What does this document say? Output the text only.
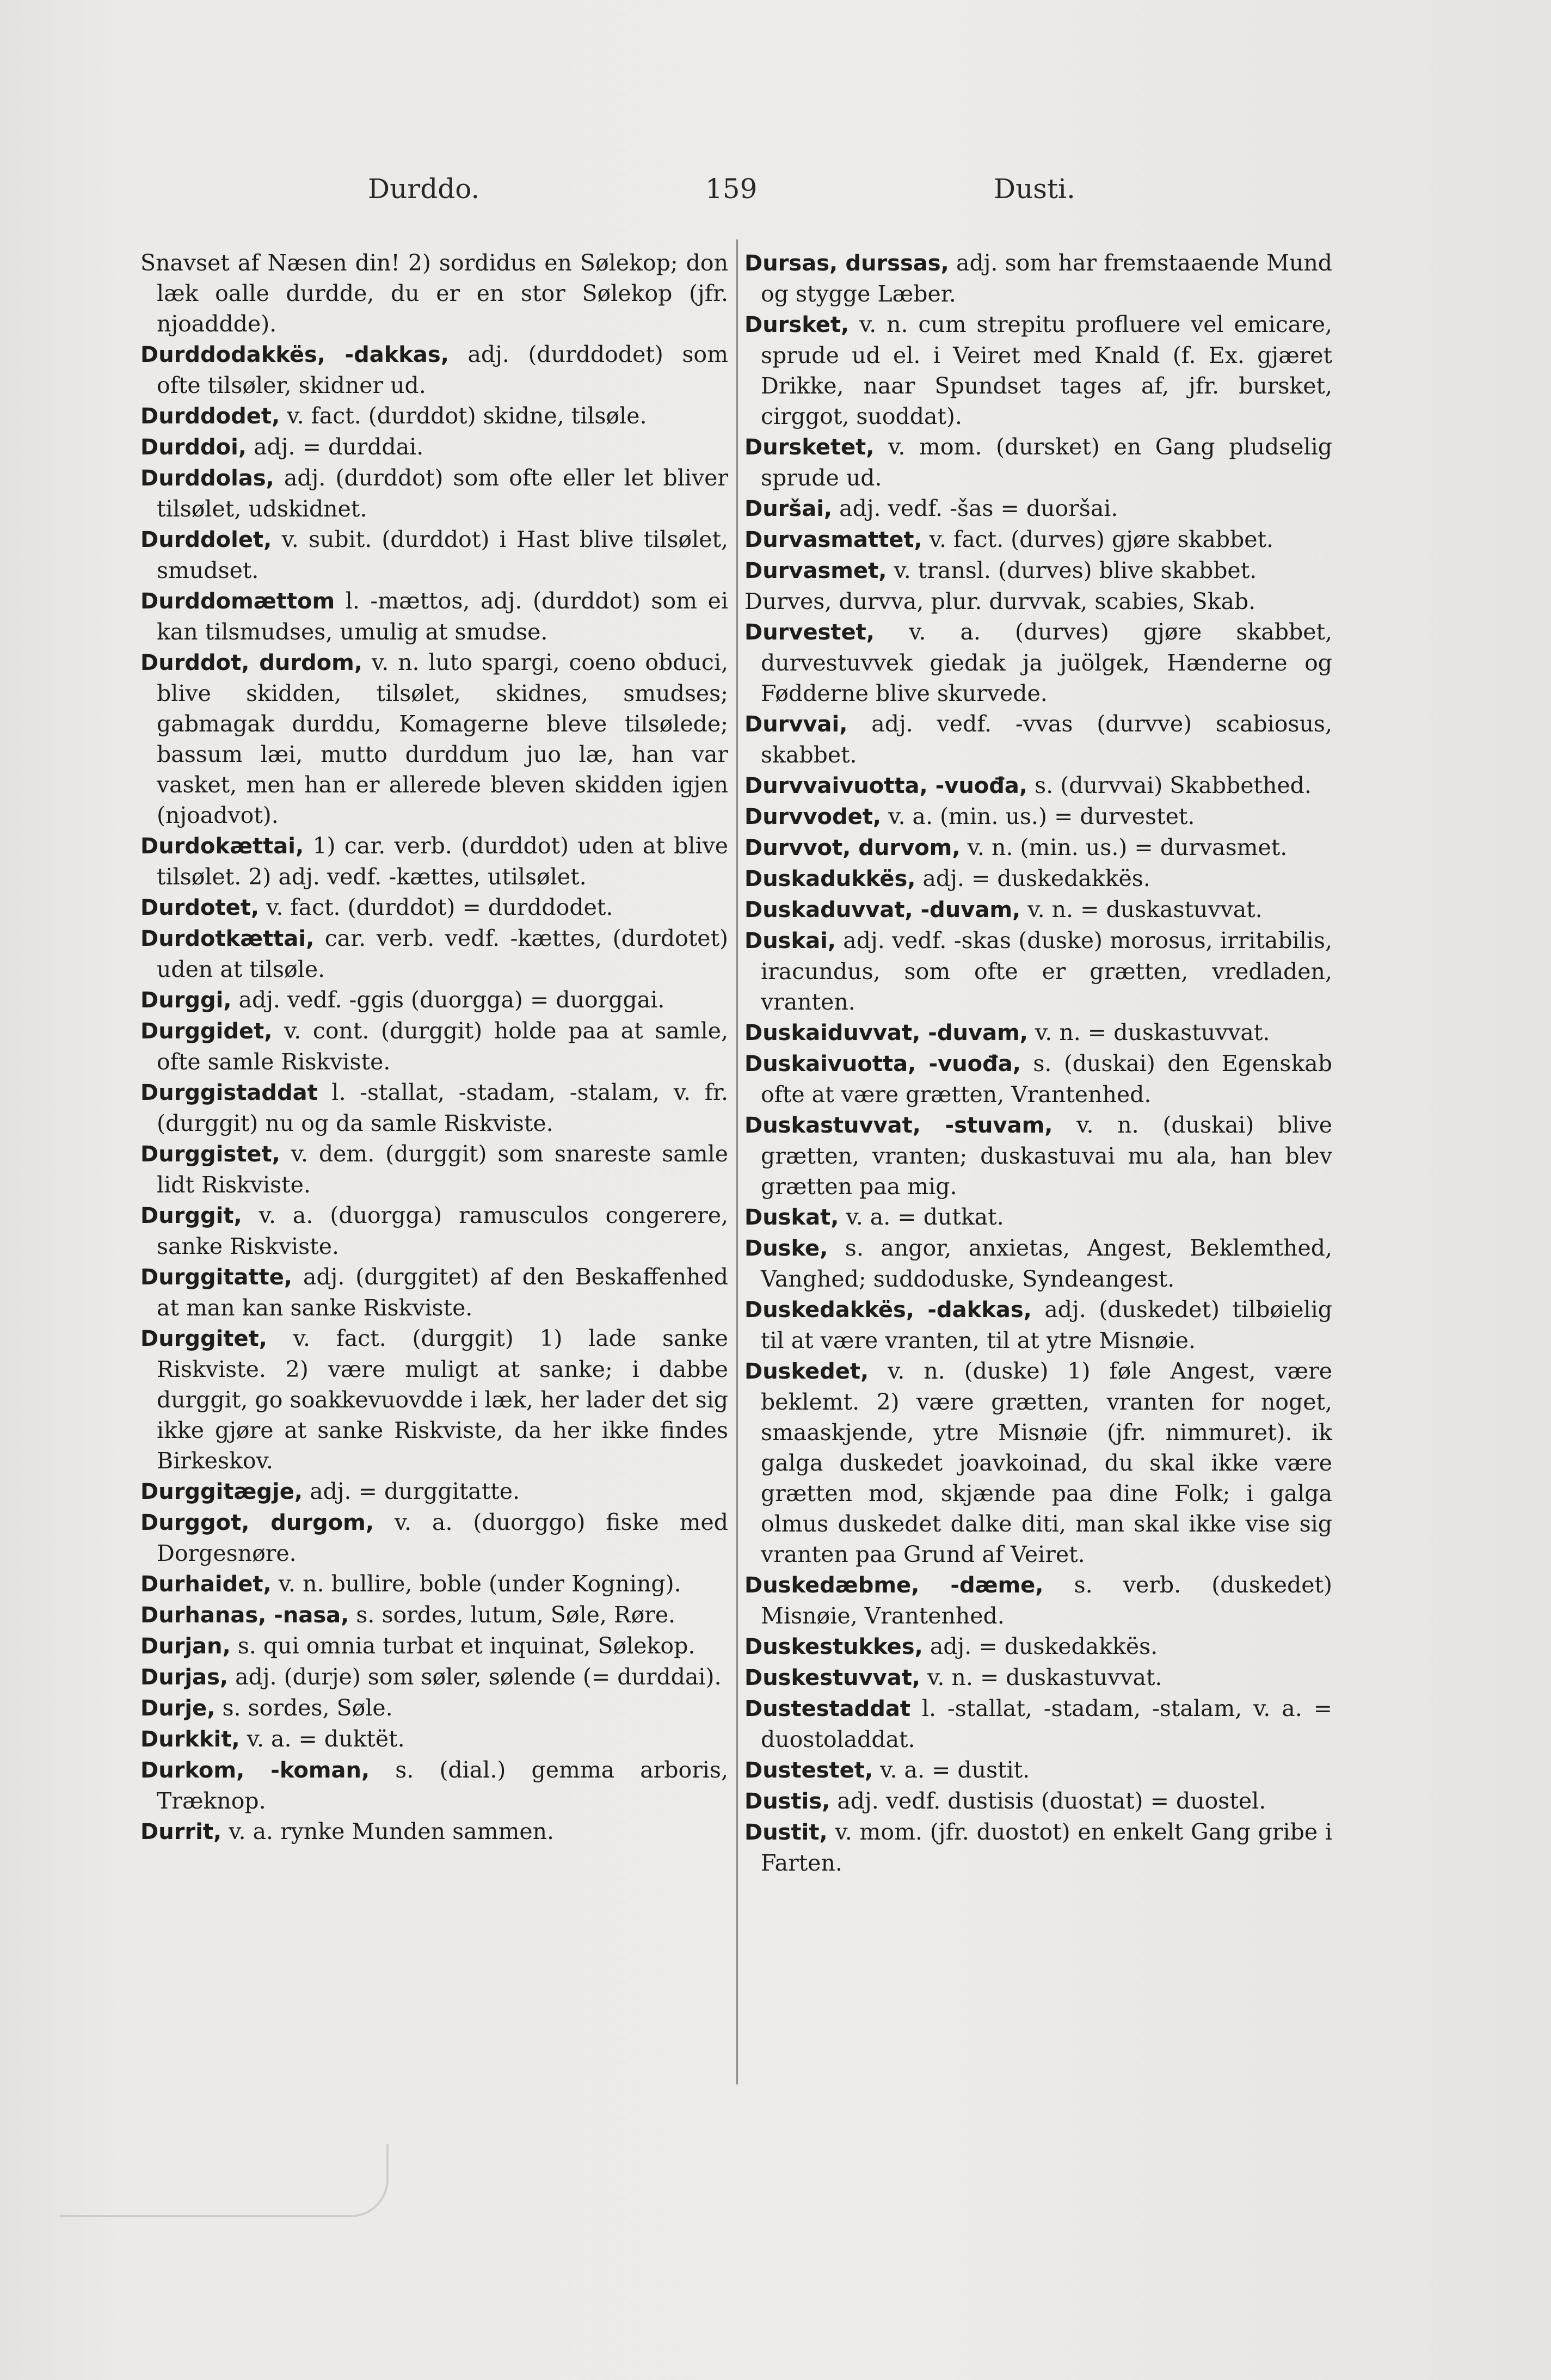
Durddo.	159	Dusti.

Snavset af Næsen din! 2) sordidus en Sølekop; don læk oalle durdde, du er en stor Sølekop (jfr. njoaddde).

Durddodakkës, -dakkas, adj. (durddodet) som ofte tilsøler, skidner ud.

Durddodet, v. fact. (durddot) skidne, tilsøle.

Durddoi, adj. = durddai.

Durddolas, adj. (durddot) som ofte eller let bliver tilsølet, udskidnet.

Durddolet, v. subit. (durddot) i Hast blive tilsølet, smudset.

Durddomættom l. -mættos, adj. (durddot) som ei kan tilsmudses, umulig at smudse.

Durddot, durdom, v. n. luto spargi, coeno obduci, blive skidden, tilsølet, skidnes, smudses; gabmagak durddu, Komagerne bleve tilsølede; bassum læi, mutto durddum juo læ, han var vasket, men han er allerede bleven skidden igjen (njoadvot).

Durdokættai, 1) car. verb. (durddot) uden at blive tilsølet. 2) adj. vedf. -kættes, utilsølet.

Durdotet, v. fact. (durddot) = durddodet.

Durdotkættai, car. verb. vedf. -kættes, (durdotet) uden at tilsøle.

Durggi, adj. vedf. -ggis (duorgga) = duorggai.

Durggidet, v. cont. (durggit) holde paa at samle, ofte samle Riskviste.

Durggistaddat l. -stallat, -stadam, -stalam, v. fr. (durggit) nu og da samle Riskviste.

Durggistet, v. dem. (durggit) som snareste samle lidt Riskviste.

Durggit, v. a. (duorgga) ramusculos congerere, sanke Riskviste.

Durggitatte, adj. (durggitet) af den Beskaffenhed at man kan sanke Riskviste.

Durggitet, v. fact. (durggit) 1) lade sanke Riskviste. 2) være muligt at sanke; i dabbe durggit, go soakkevuovdde i læk, her lader det sig ikke gjøre at sanke Riskviste, da her ikke findes Birkeskov.

Durggitægje, adj. = durggitatte.

Durggot, durgom, v. a. (duorggo) fiske med Dorgesnøre.

Durhaidet, v. n. bullire, boble (under Kogning).

Durhanas, -nasa, s. sordes, lutum, Søle, Røre.

Durjan, s. qui omnia turbat et inquinat, Sølekop.

Durjas, adj. (durje) som søler, sølende (= durddai).

Durje, s. sordes, Søle.

Durkkit, v. a. = duktët.

Durkom, -koman, s. (dial.) gemma arboris, Træknop.

Durrit, v. a. rynke Munden sammen.

Dursas, durssas, adj. som har fremstaaende Mund og stygge Læber.

Dursket, v. n. cum strepitu profluere vel emicare, sprude ud el. i Veiret med Knald (f. Ex. gjæret Drikke, naar Spundset tages af, jfr. bursket, cirggot, suoddat).

Dursketet, v. mom. (dursket) en Gang pludselig sprude ud.

Duršai, adj. vedf. -šas = duoršai.

Durvasmattet, v. fact. (durves) gjøre skabbet.

Durvasmet, v. transl. (durves) blive skabbet.

Durves, durvva, plur. durvvak, scabies, Skab.

Durvestet, v. a. (durves) gjøre skabbet, durvestuvvek giedak ja juölgek, Hænderne og Fødderne blive skurvede.

Durvvai, adj. vedf. -vvas (durvve) scabiosus, skabbet.

Durvvaivuotta, -vuođa, s. (durvvai) Skabbethed.

Durvvodet, v. a. (min. us.) = durvestet.

Durvvot, durvom, v. n. (min. us.) = durvasmet.

Duskadukkës, adj. = duskedakkës.

Duskaduvvat, -duvam, v. n. = duskastuvvat.

Duskai, adj. vedf. -skas (duske) morosus, irritabilis, iracundus, som ofte er grætten, vredladen, vranten.

Duskaiduvvat, -duvam, v. n. = duskastuvvat.

Duskaivuotta, -vuođa, s. (duskai) den Egenskab ofte at være grætten, Vrantenhed.

Duskastuvvat, -stuvam, v. n. (duskai) blive grætten, vranten; duskastuvai mu ala, han blev grætten paa mig.

Duskat, v. a. = dutkat.

Duske, s. angor, anxietas, Angest, Beklemthed, Vanghed; suddoduske, Syndeangest.

Duskedakkës, -dakkas, adj. (duskedet) tilbøielig til at være vranten, til at ytre Misnøie.

Duskedet, v. n. (duske) 1) føle Angest, være beklemt. 2) være grætten, vranten for noget, smaaskjende, ytre Misnøie (jfr. nimmuret). ik galga duskedet joavkoinad, du skal ikke være grætten mod, skjænde paa dine Folk; i galga olmus duskedet dalke diti, man skal ikke vise sig vranten paa Grund af Veiret.

Duskedæbme, -dæme, s. verb. (duskedet) Misnøie, Vrantenhed.

Duskestukkes, adj. = duskedakkës.

Duskestuvvat, v. n. = duskastuvvat.

Dustestaddat l. -stallat, -stadam, -stalam, v. a. = duostoladdat.

Dustestet, v. a. = dustit.

Dustis, adj. vedf. dustisis (duostat) = duostel.

Dustit, v. mom. (jfr. duostot) en enkelt Gang gribe i Farten.
